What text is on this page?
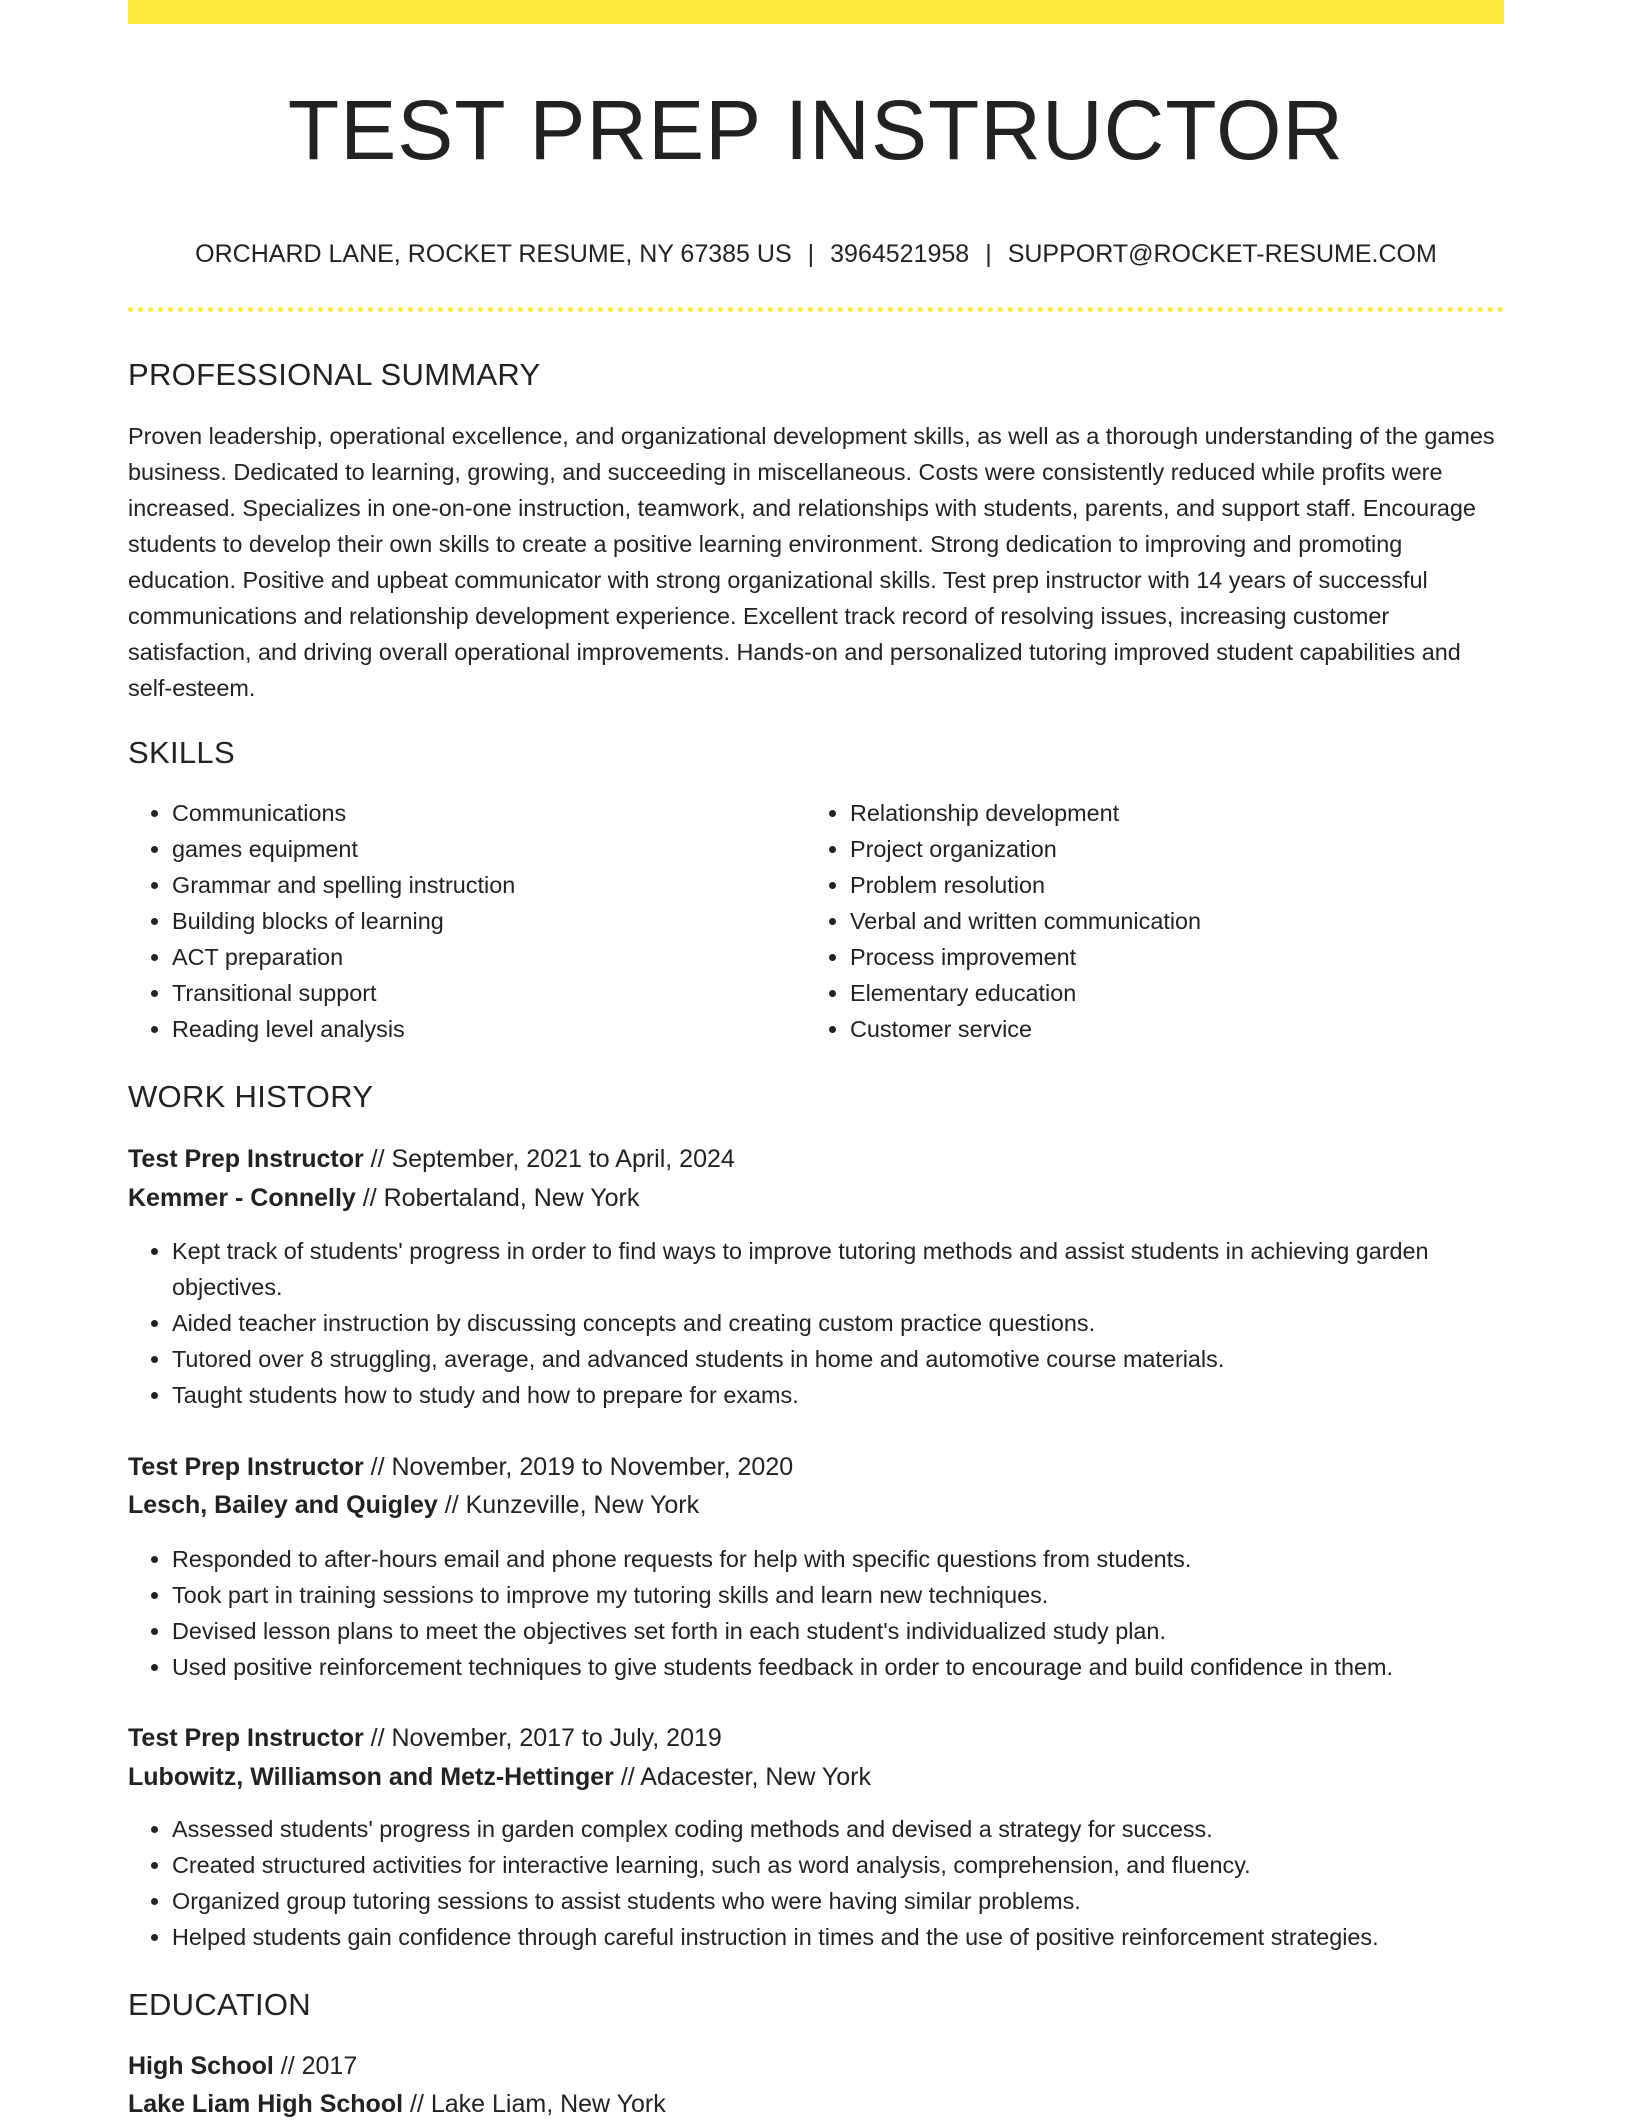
TEST PREP INSTRUCTOR
ORCHARD LANE, ROCKET RESUME, NY 67385 US | 3964521958 | SUPPORT@ROCKET-RESUME.COM
PROFESSIONAL SUMMARY
Proven leadership, operational excellence, and organizational development skills, as well as a thorough understanding of the games business. Dedicated to learning, growing, and succeeding in miscellaneous. Costs were consistently reduced while profits were increased. Specializes in one-on-one instruction, teamwork, and relationships with students, parents, and support staff. Encourage students to develop their own skills to create a positive learning environment. Strong dedication to improving and promoting education. Positive and upbeat communicator with strong organizational skills. Test prep instructor with 14 years of successful communications and relationship development experience. Excellent track record of resolving issues, increasing customer satisfaction, and driving overall operational improvements. Hands-on and personalized tutoring improved student capabilities and self-esteem.
SKILLS
• Communications
• games equipment
• Grammar and spelling instruction
• Building blocks of learning
• ACT preparation
• Transitional support
• Reading level analysis
• Relationship development
• Project organization
• Problem resolution
• Verbal and written communication
• Process improvement
• Elementary education
• Customer service
WORK HISTORY
Test Prep Instructor // September, 2021 to April, 2024
Kemmer - Connelly // Robertaland, New York
• Kept track of students' progress in order to find ways to improve tutoring methods and assist students in achieving garden objectives.
• Aided teacher instruction by discussing concepts and creating custom practice questions.
• Tutored over 8 struggling, average, and advanced students in home and automotive course materials.
• Taught students how to study and how to prepare for exams.
Test Prep Instructor // November, 2019 to November, 2020
Lesch, Bailey and Quigley // Kunzeville, New York
• Responded to after-hours email and phone requests for help with specific questions from students.
• Took part in training sessions to improve my tutoring skills and learn new techniques.
• Devised lesson plans to meet the objectives set forth in each student's individualized study plan.
• Used positive reinforcement techniques to give students feedback in order to encourage and build confidence in them.
Test Prep Instructor // November, 2017 to July, 2019
Lubowitz, Williamson and Metz-Hettinger // Adacester, New York
• Assessed students' progress in garden complex coding methods and devised a strategy for success.
• Created structured activities for interactive learning, such as word analysis, comprehension, and fluency.
• Organized group tutoring sessions to assist students who were having similar problems.
• Helped students gain confidence through careful instruction in times and the use of positive reinforcement strategies.
EDUCATION
High School // 2017
Lake Liam High School // Lake Liam, New York
